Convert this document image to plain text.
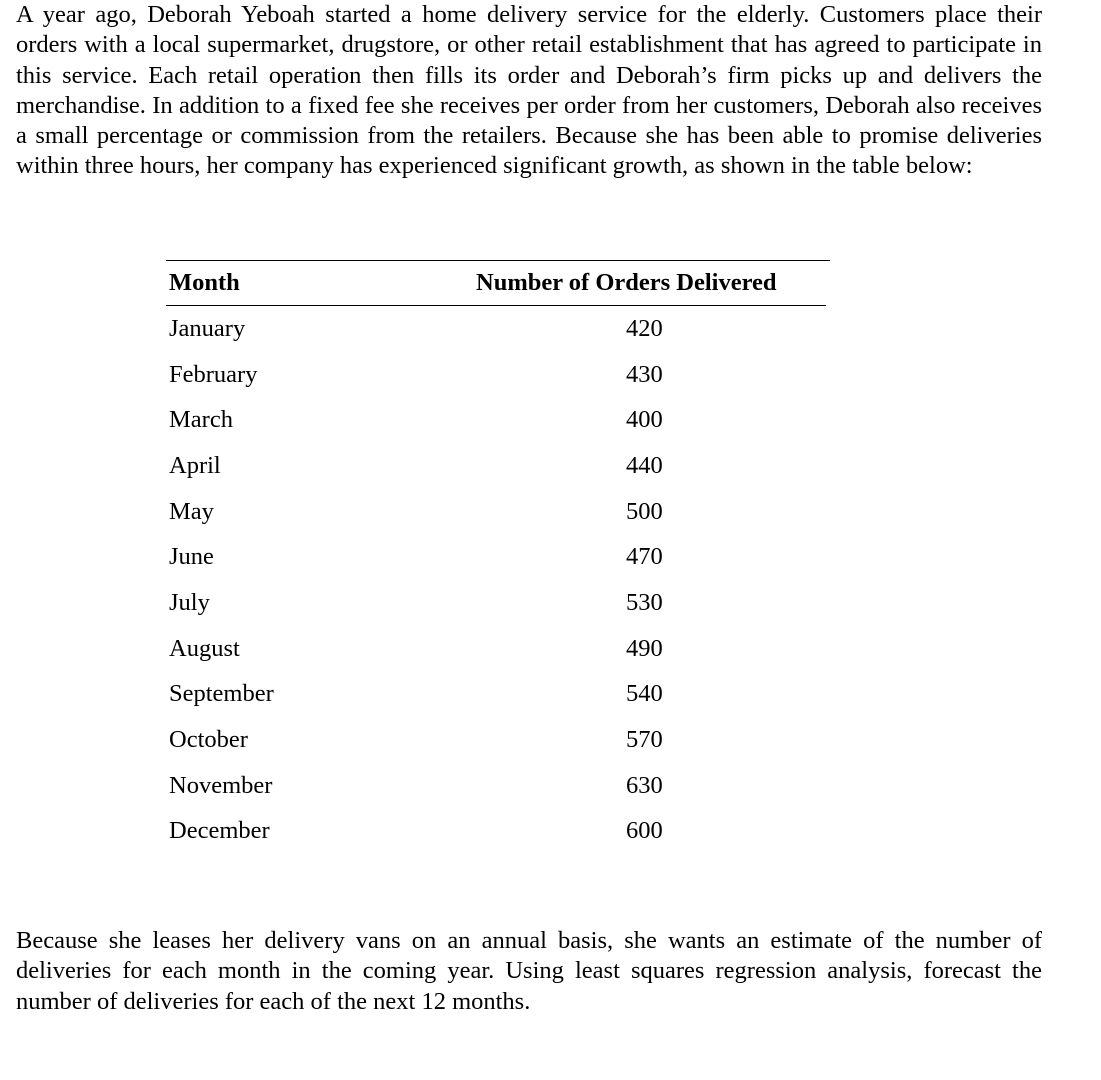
A year ago, Deborah Yeboah started a home delivery service for the elderly. Customers place their orders with a local supermarket, drugstore, or other retail establishment that has agreed to participate in this service. Each retail operation then fills its order and Deborah’s firm picks up and delivers the merchandise. In addition to a fixed fee she receives per order from her customers, Deborah also receives a small percentage or commission from the retailers. Because she has been able to promise deliveries within three hours, her company has experienced significant growth, as shown in the table below:

Month	Number of Orders Delivered
January	420
February	430
March	400
April	440
May	500
June	470
July	530
August	490
September	540
October	570
November	630
December	600

Because she leases her delivery vans on an annual basis, she wants an estimate of the number of deliveries for each month in the coming year. Using least squares regression analysis, forecast the number of deliveries for each of the next 12 months.
